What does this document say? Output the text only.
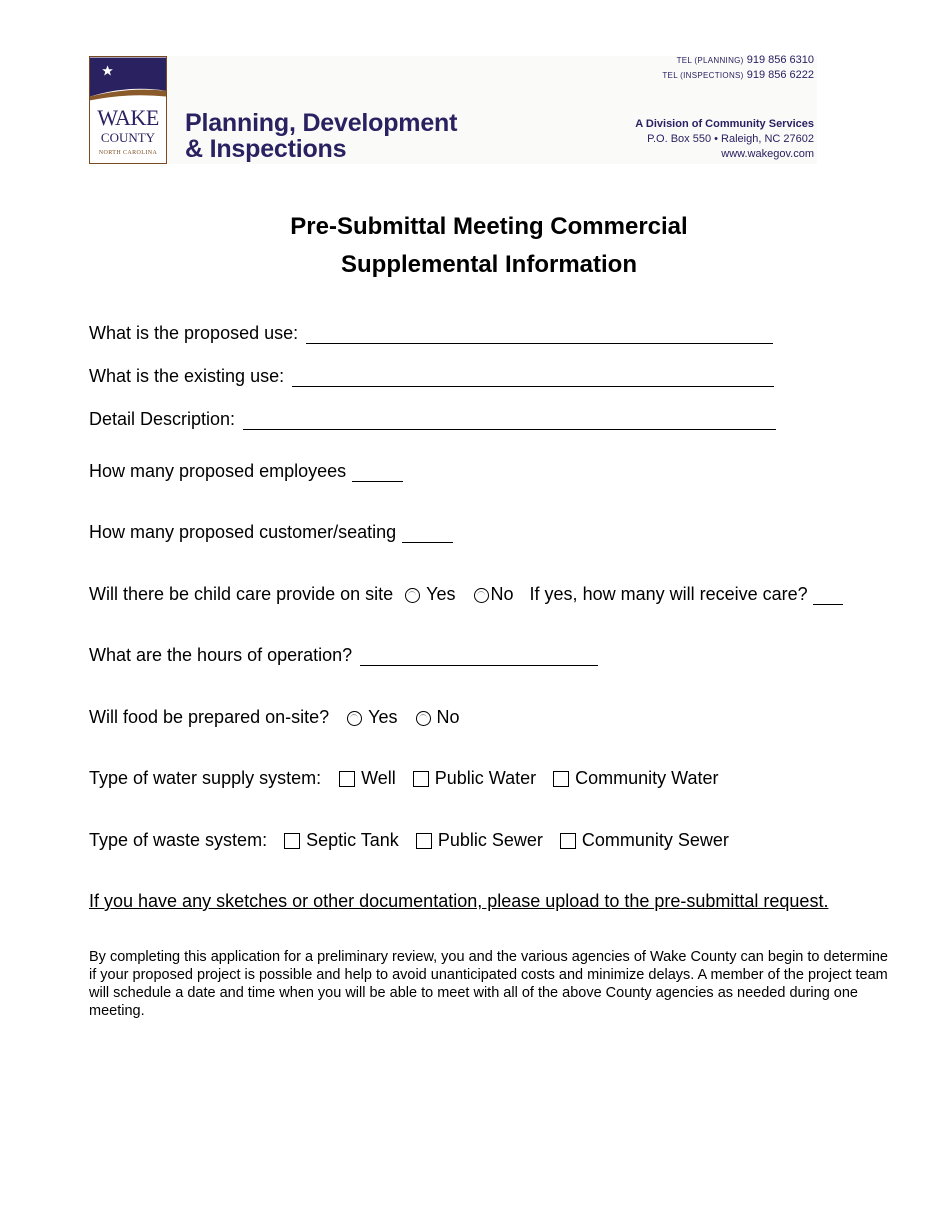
WAKE
COUNTY
NORTH CAROLINA
Planning, Development
& Inspections
TEL (PLANNING) 919 856 6310
TEL (INSPECTIONS) 919 856 6222
A Division of Community Services
P.O. Box 550 • Raleigh, NC 27602
www.wakegov.com
Pre-Submittal Meeting Commercial
Supplemental Information
What is the proposed use:
What is the existing use:
Detail Description:
How many proposed employees
How many proposed customer/seating
Will there be child care provide on site Yes No If yes, how many will receive care?
What are the hours of operation?
Will food be prepared on-site? Yes No
Type of water supply system: Well Public Water Community Water
Type of waste system: Septic Tank Public Sewer Community Sewer
If you have any sketches or other documentation, please upload to the pre-submittal request.
By completing this application for a preliminary review, you and the various agencies of Wake County can begin to determine if your proposed project is possible and help to avoid unanticipated costs and minimize delays. A member of the project team will schedule a date and time when you will be able to meet with all of the above County agencies as needed during one meeting.
